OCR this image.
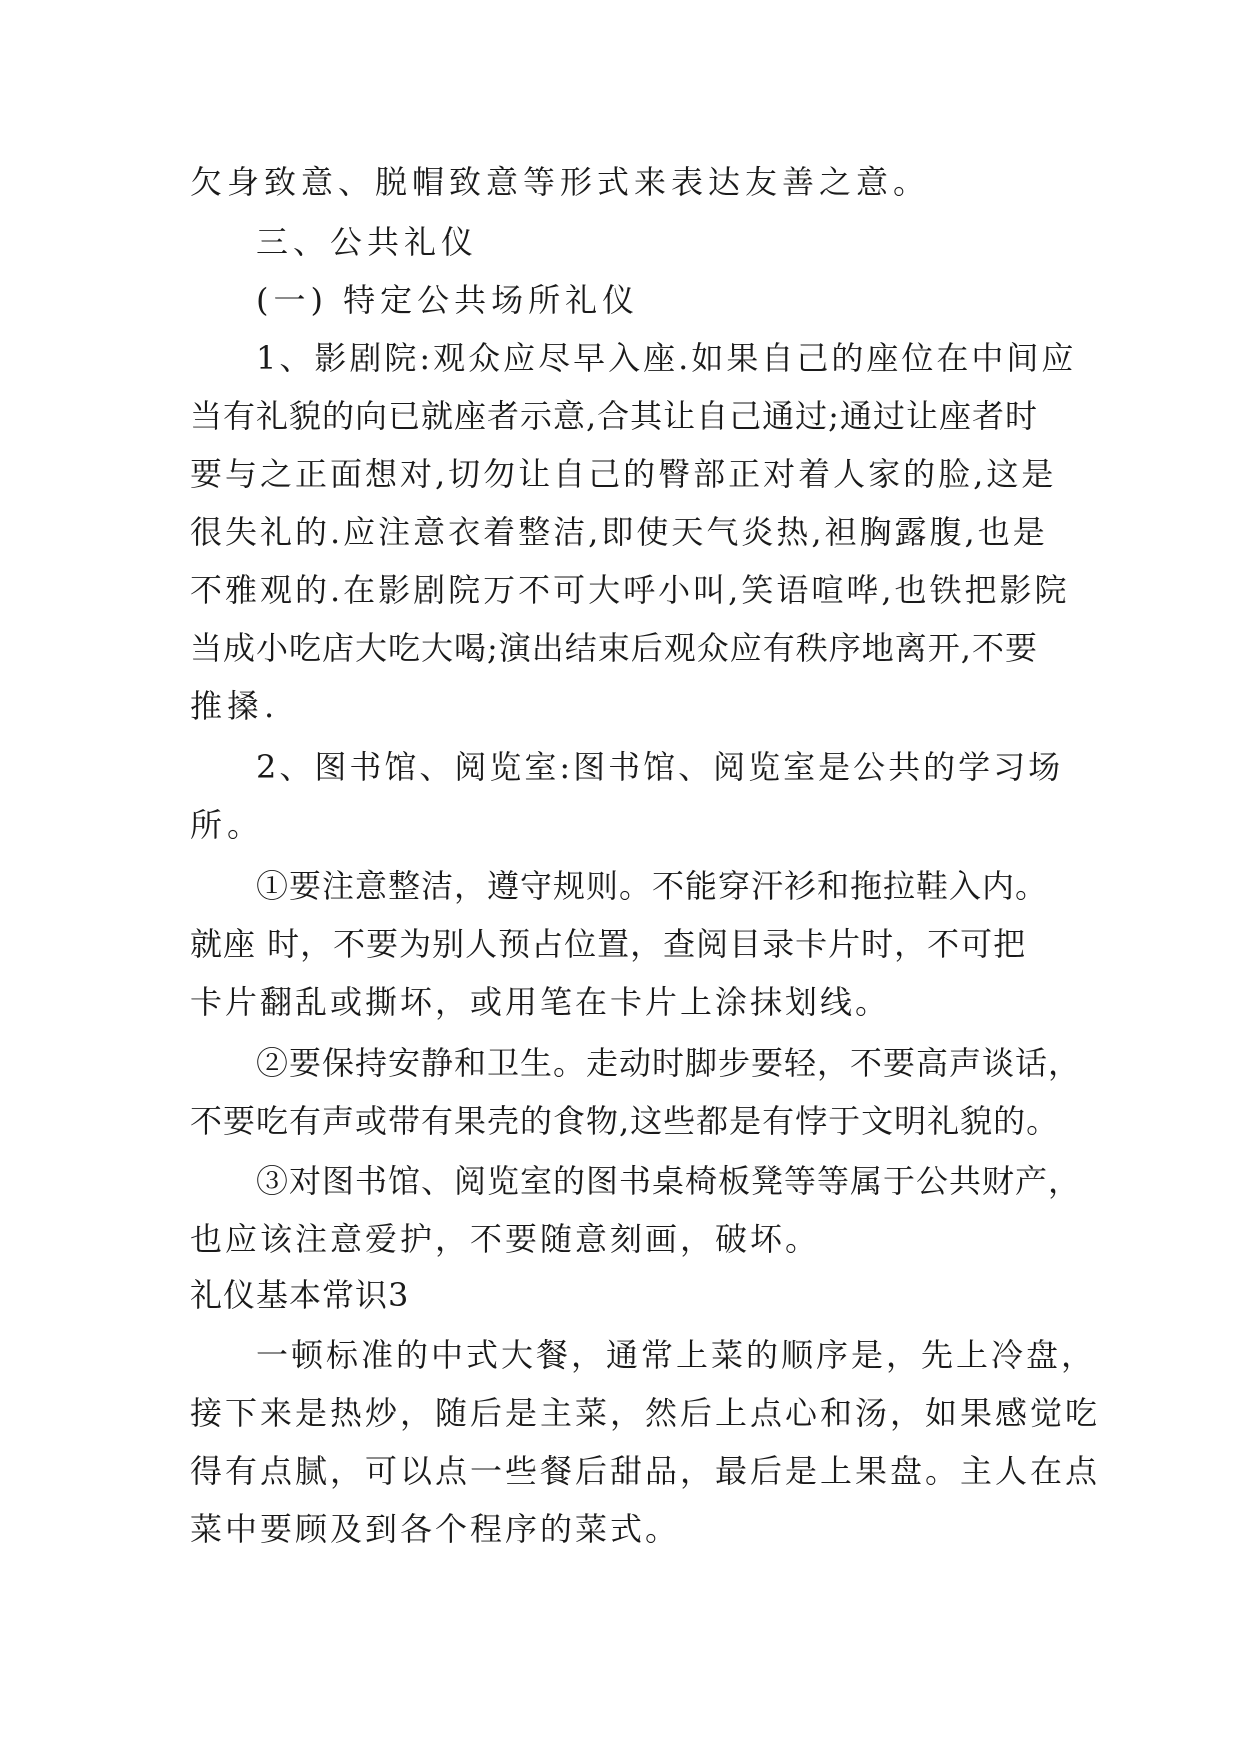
欠身致意、脱帽致意等形式来表达友善之意。
三、公共礼仪
(一) 特定公共场所礼仪
1、影剧院:观众应尽早入座.如果自己的座位在中间应
当有礼貌的向已就座者示意,合其让自己通过;通过让座者时
要与之正面想对,切勿让自己的臀部正对着人家的脸,这是
很失礼的.应注意衣着整洁,即使天气炎热,袒胸露腹,也是
不雅观的.在影剧院万不可大呼小叫,笑语喧哗,也铁把影院
当成小吃店大吃大喝;演出结束后观众应有秩序地离开,不要
推搡.
2、图书馆、阅览室:图书馆、阅览室是公共的学习场
所。
①要注意整洁，遵守规则。不能穿汗衫和拖拉鞋入内。
就座 时，不要为别人预占位置，查阅目录卡片时，不可把
卡片翻乱或撕坏，或用笔在卡片上涂抹划线。
②要保持安静和卫生。走动时脚步要轻，不要高声谈话，
不要吃有声或带有果壳的食物,这些都是有悖于文明礼貌的。
③对图书馆、阅览室的图书桌椅板凳等等属于公共财产，
也应该注意爱护，不要随意刻画，破坏。
礼仪基本常识3
一顿标准的中式大餐，通常上菜的顺序是，先上冷盘，
接下来是热炒，随后是主菜，然后上点心和汤，如果感觉吃
得有点腻，可以点一些餐后甜品，最后是上果盘。主人在点
菜中要顾及到各个程序的菜式。
